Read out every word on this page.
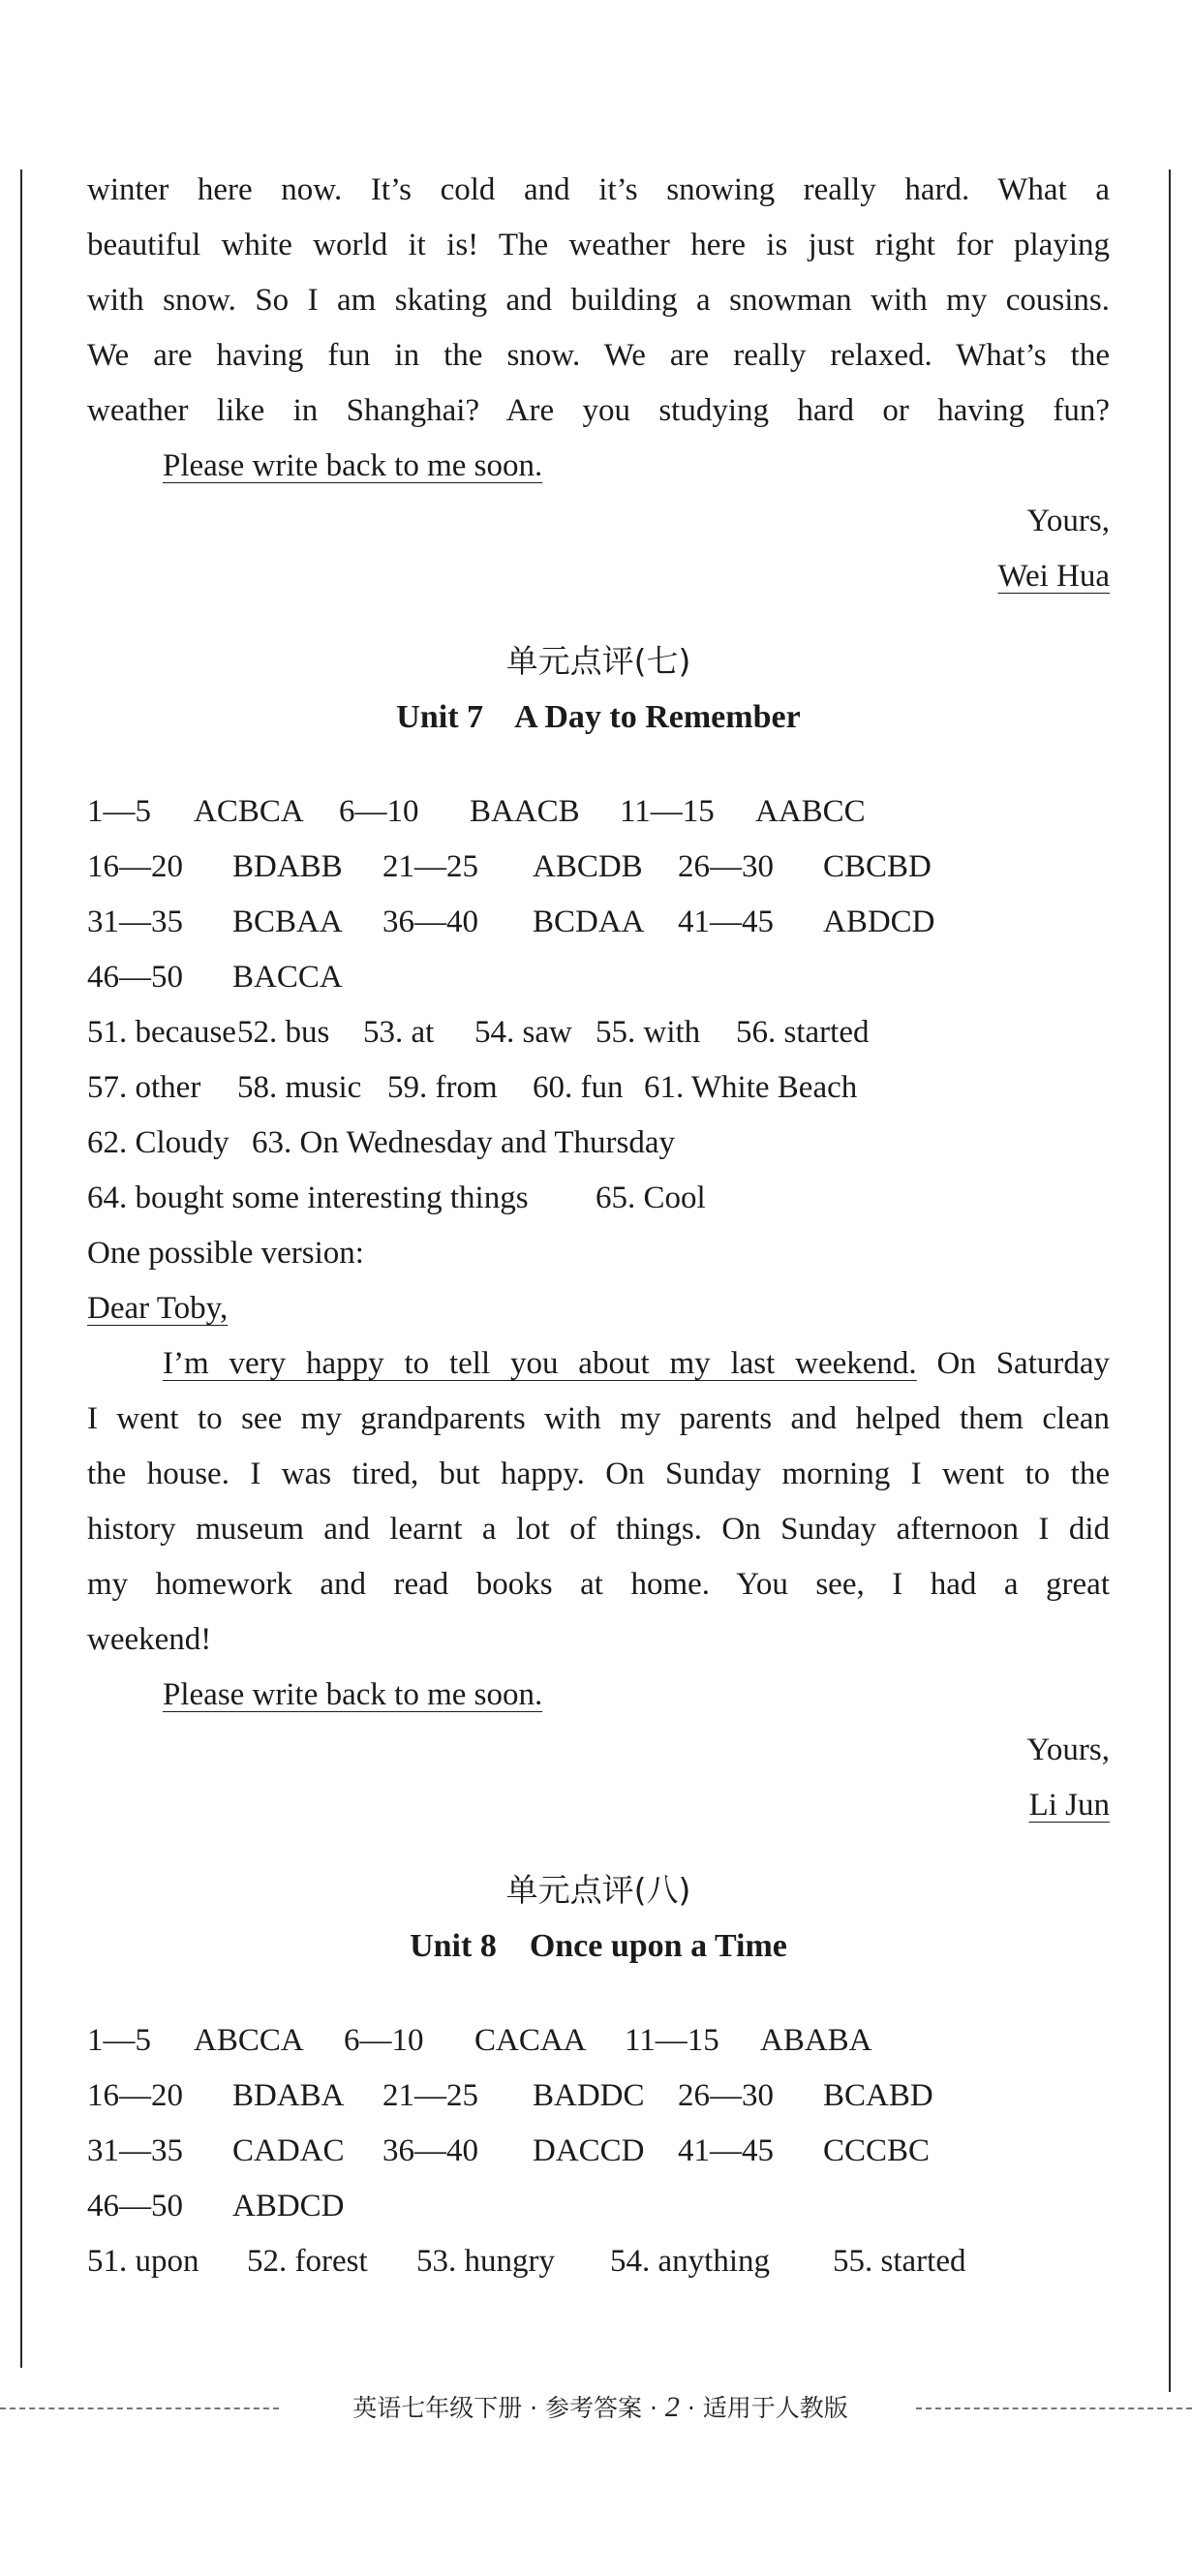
winter here now. It’s cold and it’s snowing really hard. What a
beautiful white world it is! The weather here is just right for playing
with snow. So I am skating and building a snowman with my cousins.
We are having fun in the snow. We are really relaxed. What’s the
weather like in Shanghai? Are you studying hard or having fun?
Please write back to me soon.
Yours,
Wei Hua
单元点评(七)
Unit 7    A Day to Remember
1—5 ACBCA 6—10 BAACB 11—15 AABCC
16—20 BDABB 21—25 ABCDB 26—30 CBCBD
31—35 BCBAA 36—40 BCDAA 41—45 ABDCD
46—50 BACCA
51. because52. bus 53. at 54. saw 55. with 56. started
57. other 58. music 59. from 60. fun 61. White Beach
62. Cloudy 63. On Wednesday and Thursday
64. bought some interesting things 65. Cool
One possible version:
Dear Toby,
I’m very happy to tell you about my last weekend. On Saturday
I went to see my grandparents with my parents and helped them clean
the house. I was tired, but happy. On Sunday morning I went to the
history museum and learnt a lot of things. On Sunday afternoon I did
my homework and read books at home. You see, I had a great
weekend!
Please write back to me soon.
Yours,
Li Jun
单元点评(八)
Unit 8    Once upon a Time
1—5 ABCCA 6—10 CACAA 11—15 ABABA
16—20 BDABA 21—25 BADDC 26—30 BCABD
31—35 CADAC 36—40 DACCD 41—45 CCCBC
46—50 ABDCD
51. upon 52. forest 53. hungry 54. anything 55. started
英语七年级下册 · 参考答案 · 2 · 适用于人教版
